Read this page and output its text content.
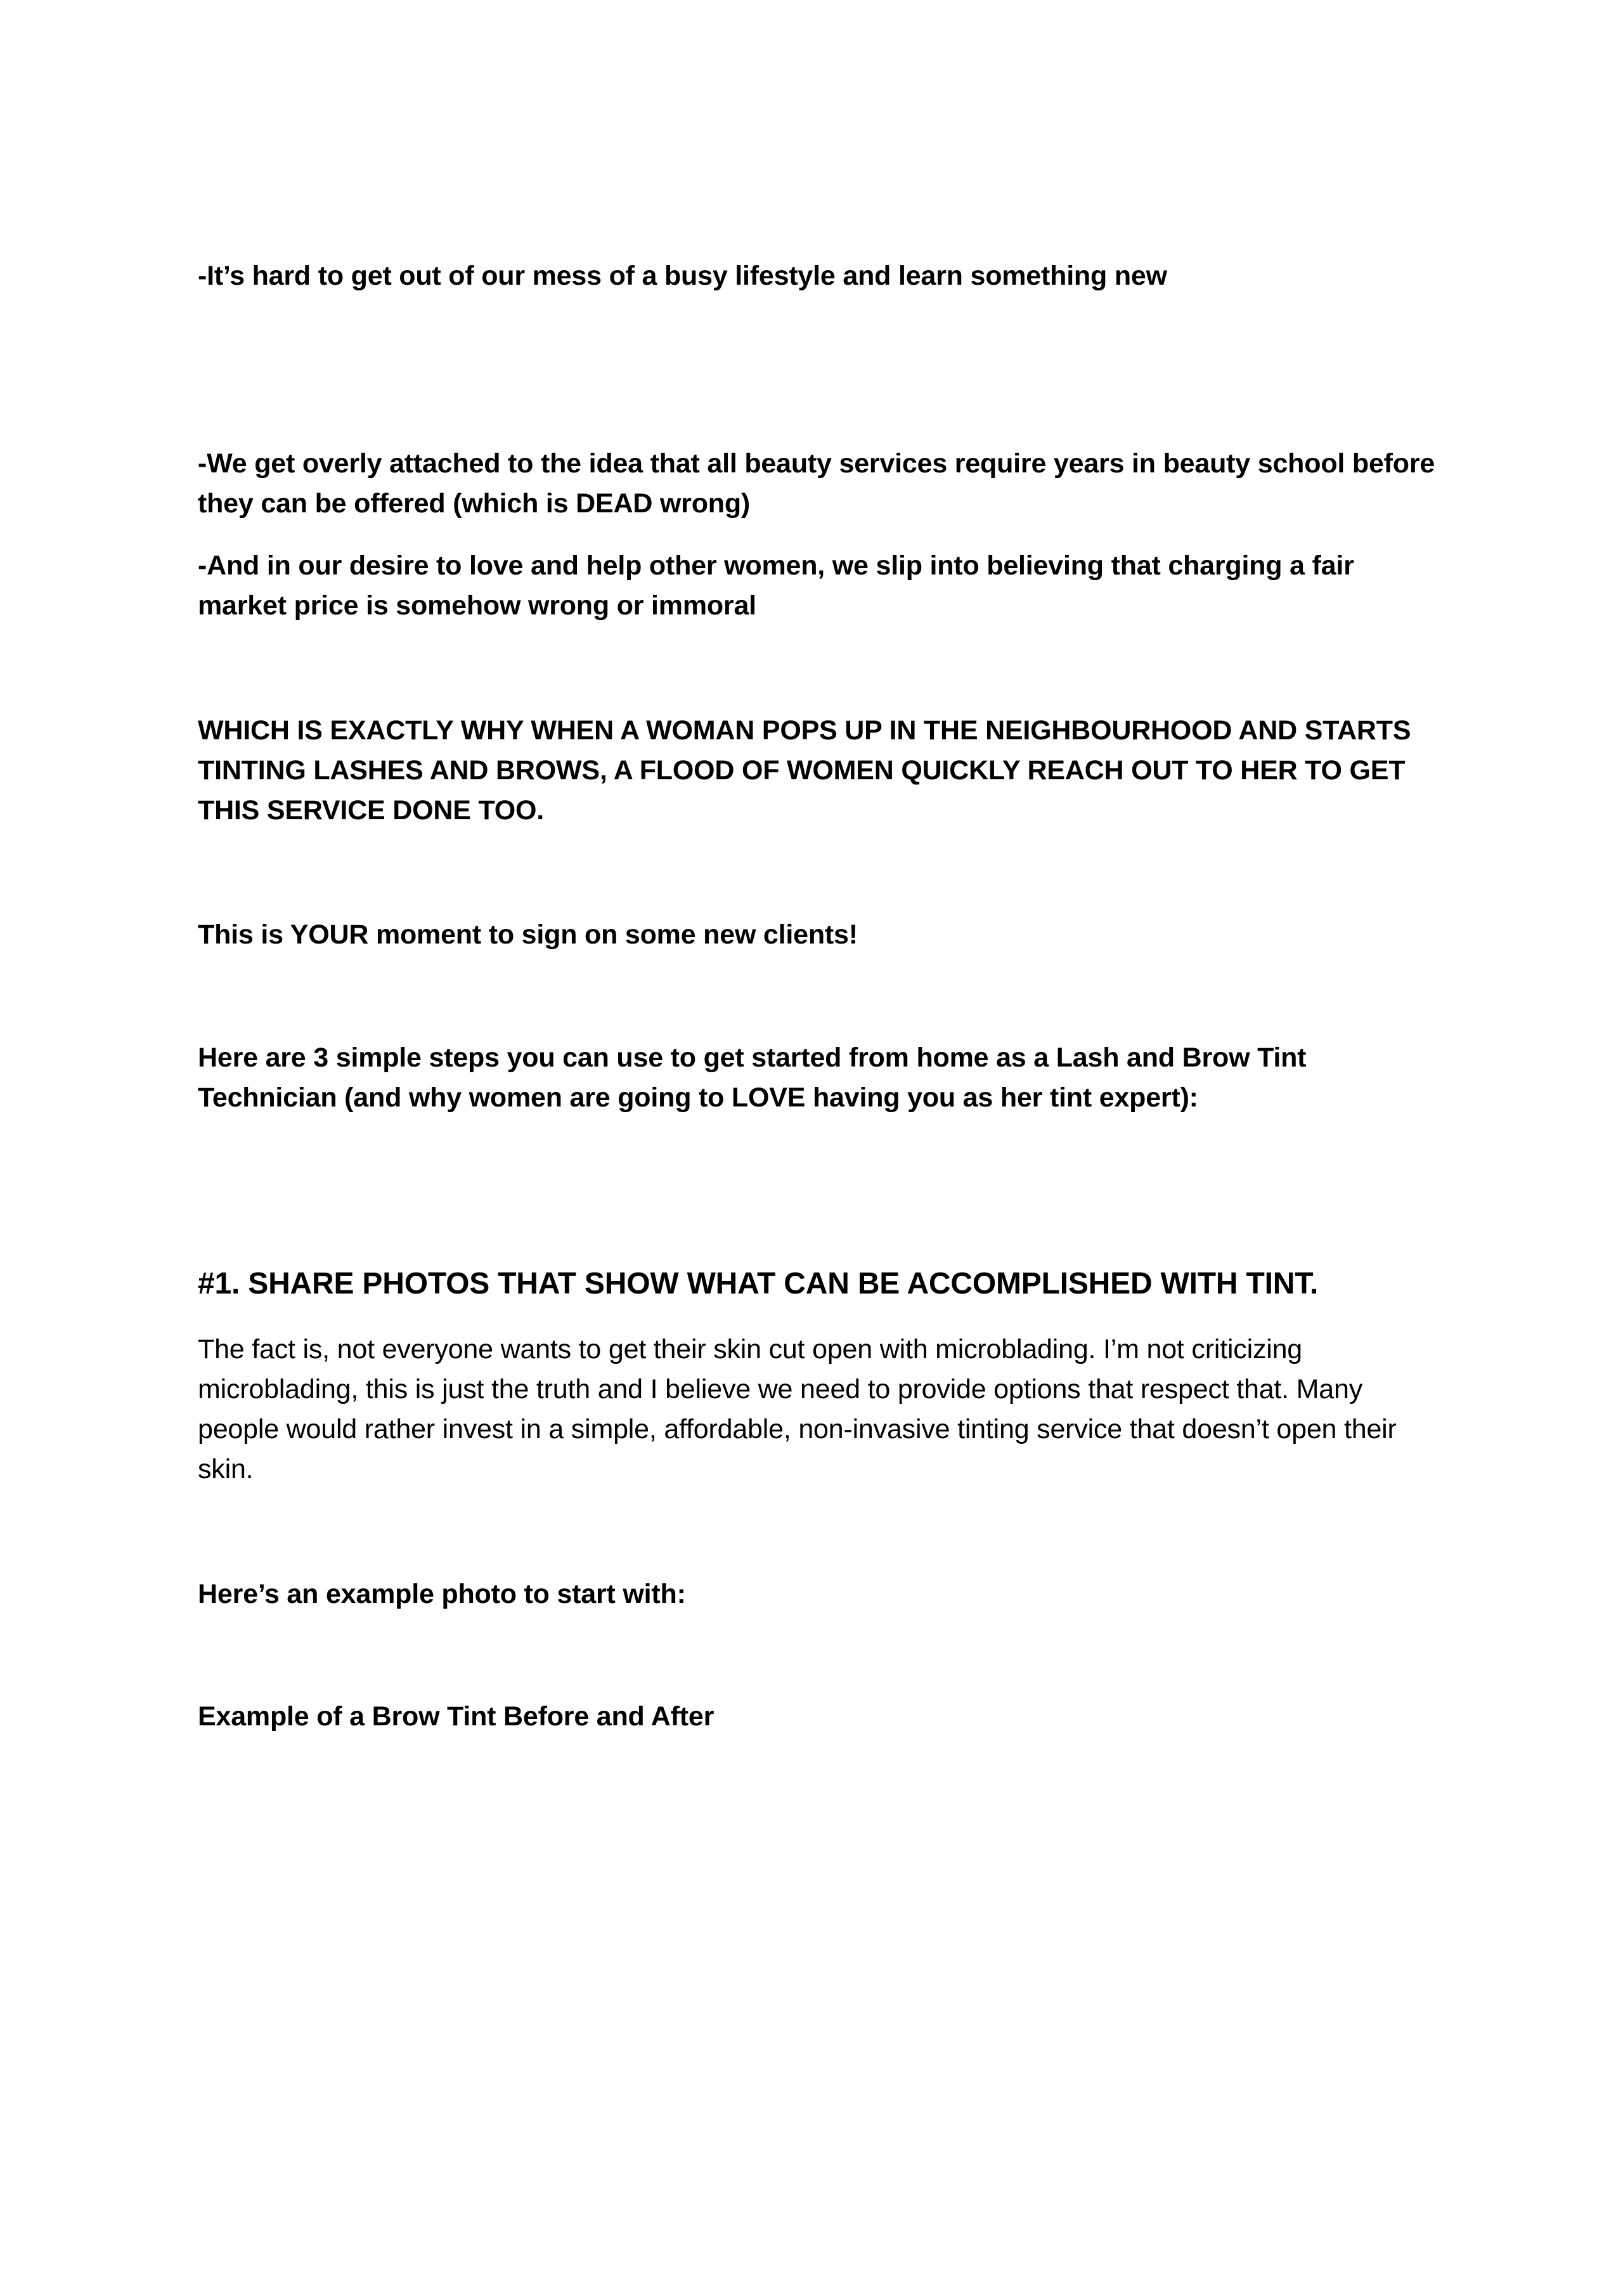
-It’s hard to get out of our mess of a busy lifestyle and learn something new

-We get overly attached to the idea that all beauty services require years in beauty school before they can be offered (which is DEAD wrong)

-And in our desire to love and help other women, we slip into believing that charging a fair market price is somehow wrong or immoral

WHICH IS EXACTLY WHY WHEN A WOMAN POPS UP IN THE NEIGHBOURHOOD AND STARTS TINTING LASHES AND BROWS, A FLOOD OF WOMEN QUICKLY REACH OUT TO HER TO GET THIS SERVICE DONE TOO.

This is YOUR moment to sign on some new clients!

Here are 3 simple steps you can use to get started from home as a Lash and Brow Tint Technician (and why women are going to LOVE having you as her tint expert):

#1. SHARE PHOTOS THAT SHOW WHAT CAN BE ACCOMPLISHED WITH TINT.

The fact is, not everyone wants to get their skin cut open with microblading. I’m not criticizing microblading, this is just the truth and I believe we need to provide options that respect that. Many people would rather invest in a simple, affordable, non-invasive tinting service that doesn’t open their skin.

Here’s an example photo to start with:

Example of a Brow Tint Before and After
